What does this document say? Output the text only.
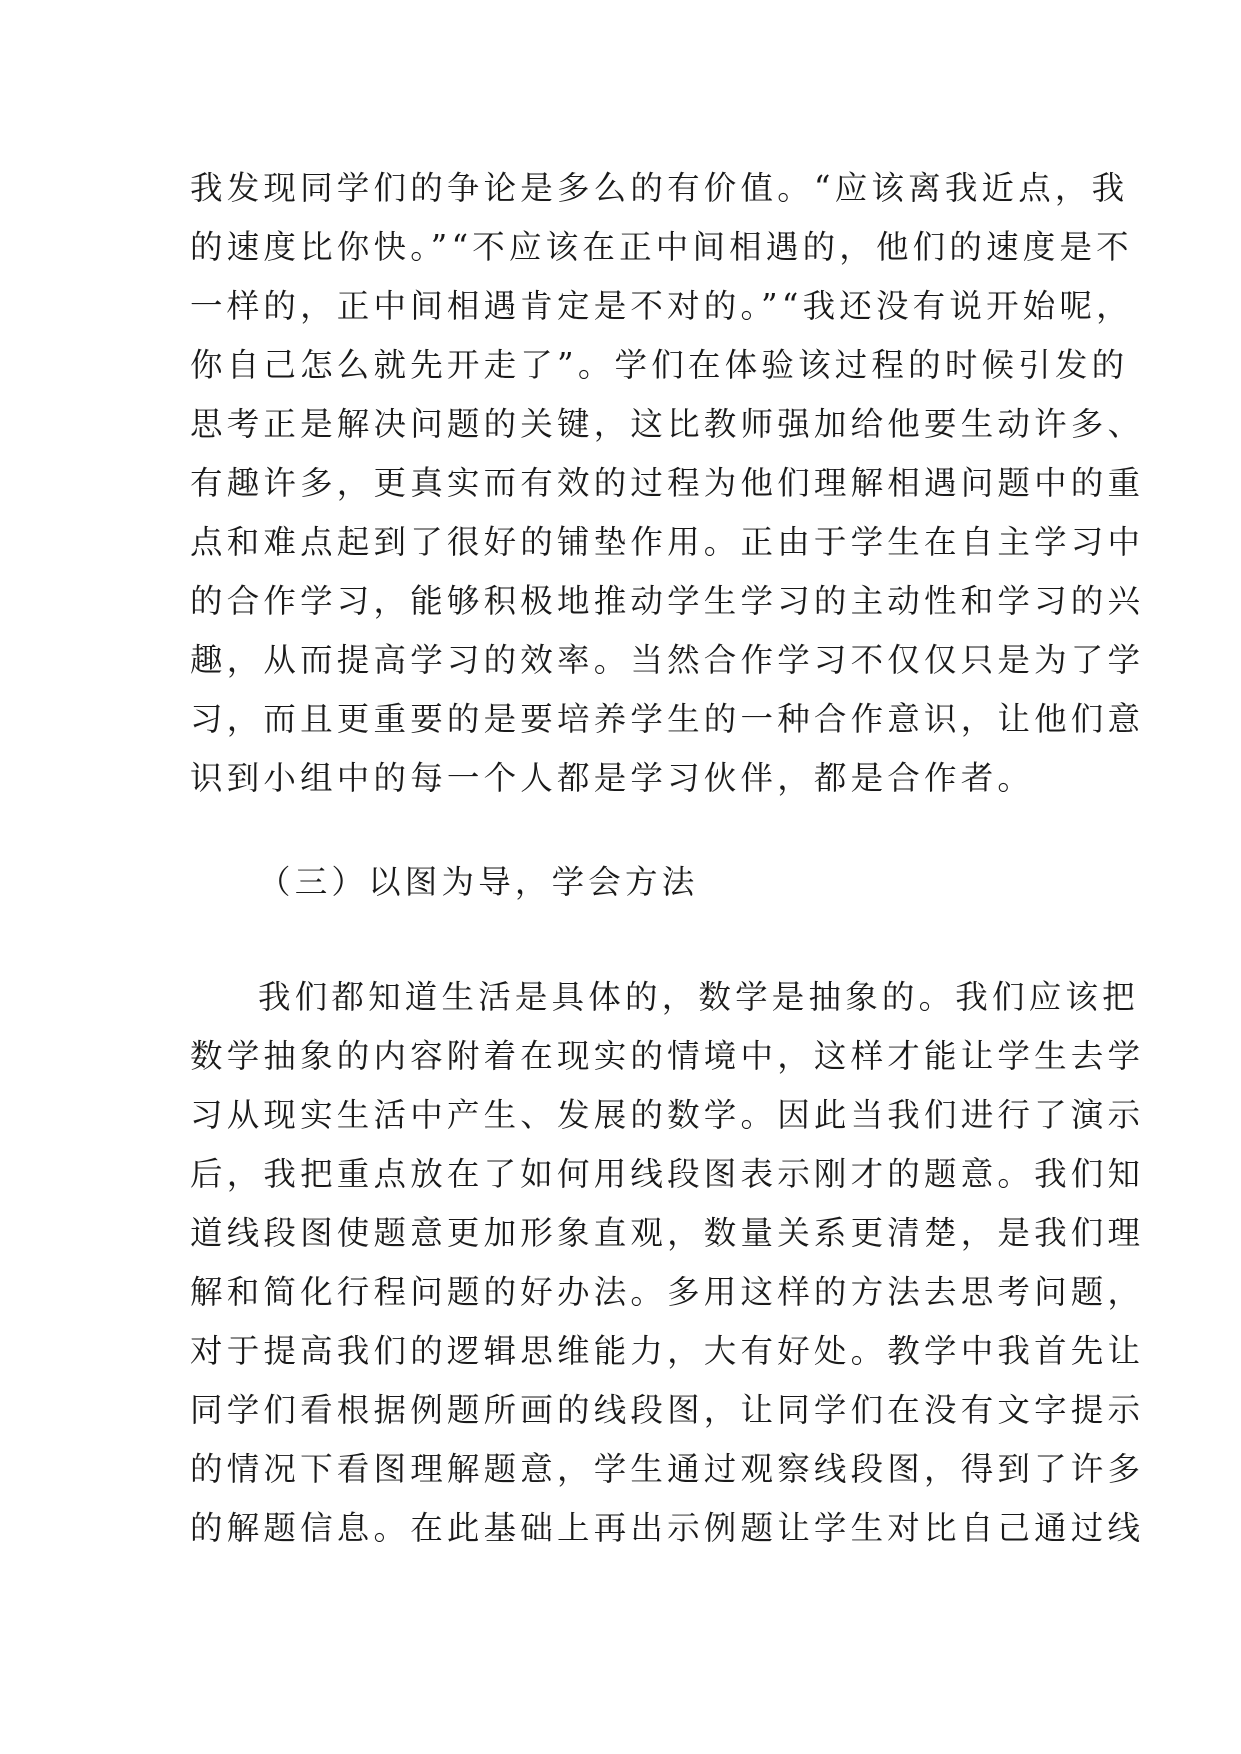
我发现同学们的争论是多么的有价值。“应该离我近点，我
的速度比你快。”“不应该在正中间相遇的，他们的速度是不
一样的，正中间相遇肯定是不对的。”“我还没有说开始呢，
你自己怎么就先开走了”。学们在体验该过程的时候引发的
思考正是解决问题的关键，这比教师强加给他要生动许多、
有趣许多，更真实而有效的过程为他们理解相遇问题中的重
点和难点起到了很好的铺垫作用。正由于学生在自主学习中
的合作学习，能够积极地推动学生学习的主动性和学习的兴
趣，从而提高学习的效率。当然合作学习不仅仅只是为了学
习，而且更重要的是要培养学生的一种合作意识，让他们意
识到小组中的每一个人都是学习伙伴，都是合作者。
（三）以图为导，学会方法
我们都知道生活是具体的，数学是抽象的。我们应该把
数学抽象的内容附着在现实的情境中，这样才能让学生去学
习从现实生活中产生、发展的数学。因此当我们进行了演示
后，我把重点放在了如何用线段图表示刚才的题意。我们知
道线段图使题意更加形象直观，数量关系更清楚，是我们理
解和简化行程问题的好办法。多用这样的方法去思考问题，
对于提高我们的逻辑思维能力，大有好处。教学中我首先让
同学们看根据例题所画的线段图，让同学们在没有文字提示
的情况下看图理解题意，学生通过观察线段图，得到了许多
的解题信息。在此基础上再出示例题让学生对比自己通过线
